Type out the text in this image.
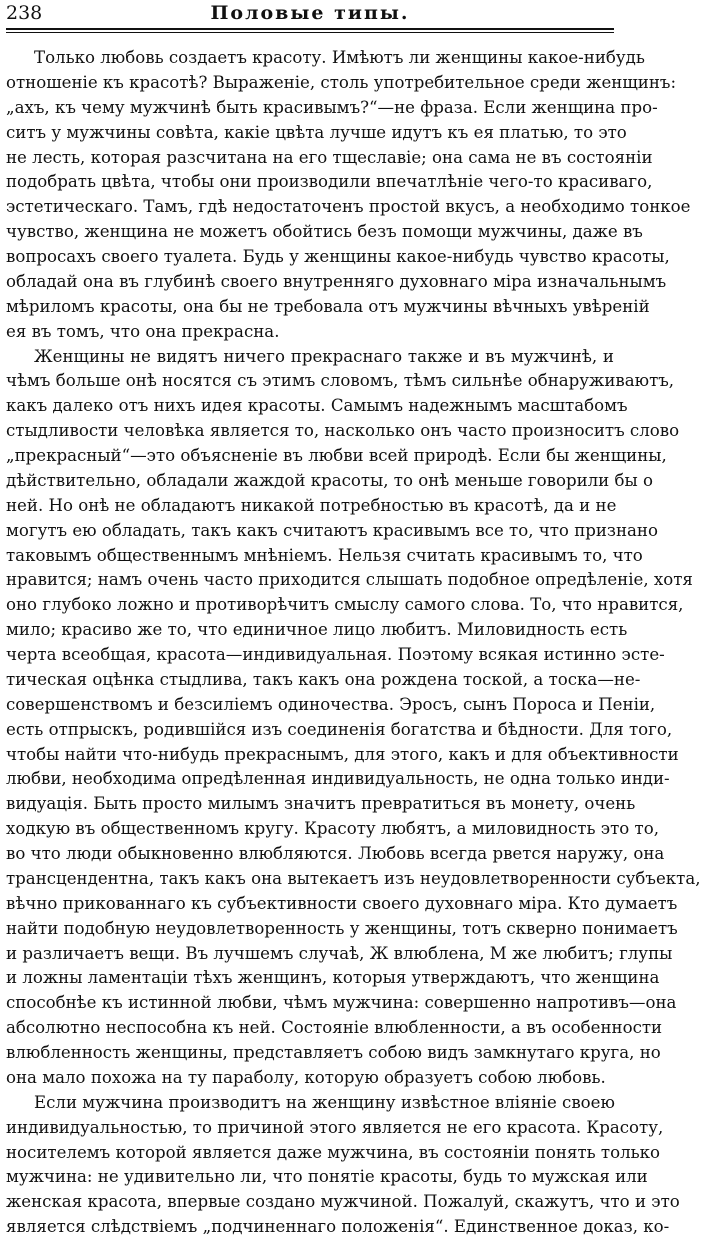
238	Половые типы.
Только любовь создаетъ красоту. Имѣютъ ли женщины какое-нибудь
отношеніе къ красотѣ? Выраженіе, столь употребительное среди женщинъ:
„ахъ, къ чему мужчинѣ быть красивымъ?“—не фраза. Если женщина про-
ситъ у мужчины совѣта, какіе цвѣта лучше идутъ къ ея платью, то это
не лесть, которая разсчитана на его тщеславіе; она сама не въ состояніи
подобрать цвѣта, чтобы они производили впечатлѣніе чего-то красиваго,
эстетическаго. Тамъ, гдѣ недостаточенъ простой вкусъ, а необходимо тонкое
чувство, женщина не можетъ обойтись безъ помощи мужчины, даже въ
вопросахъ своего туалета. Будь у женщины какое-нибудь чувство красоты,
обладай она въ глубинѣ своего внутренняго духовнаго міра изначальнымъ
мѣриломъ красоты, она бы не требовала отъ мужчины вѣчныхъ увѣреній
ея въ томъ, что она прекрасна.
Женщины не видятъ ничего прекраснаго также и въ мужчинѣ, и
чѣмъ больше онѣ носятся съ этимъ словомъ, тѣмъ сильнѣе обнаруживаютъ,
какъ далеко отъ нихъ идея красоты. Самымъ надежнымъ масштабомъ
стыдливости человѣка является то, насколько онъ часто произноситъ слово
„прекрасный“—это объясненіе въ любви всей природѣ. Если бы женщины,
дѣйствительно, обладали жаждой красоты, то онѣ меньше говорили бы о
ней. Но онѣ не обладаютъ никакой потребностью въ красотѣ, да и не
могутъ ею обладать, такъ какъ считаютъ красивымъ все то, что признано
таковымъ общественнымъ мнѣніемъ. Нельзя считать красивымъ то, что
нравится; намъ очень часто приходится слышать подобное опредѣленіе, хотя
оно глубоко ложно и противорѣчитъ смыслу самого слова. То, что нравится,
мило; красиво же то, что единичное лицо любитъ. Миловидность есть
черта всеобщая, красота—индивидуальная. Поэтому всякая истинно эсте-
тическая оцѣнка стыдлива, такъ какъ она рождена тоской, а тоска—не-
совершенствомъ и безсиліемъ одиночества. Эросъ, сынъ Пороса и Пеніи,
есть отпрыскъ, родившійся изъ соединенія богатства и бѣдности. Для того,
чтобы найти что-нибудь прекраснымъ, для этого, какъ и для объективности
любви, необходима опредѣленная индивидуальность, не одна только инди-
видуація. Быть просто милымъ значитъ превратиться въ монету, очень
ходкую въ общественномъ кругу. Красоту любятъ, а миловидность это то,
во что люди обыкновенно влюбляются. Любовь всегда рвется наружу, она
трансцендентна, такъ какъ она вытекаетъ изъ неудовлетворенности субъекта,
вѣчно прикованнаго къ субъективности своего духовнаго міра. Кто думаетъ
найти подобную неудовлетворенность у женщины, тотъ скверно понимаетъ
и различаетъ вещи. Въ лучшемъ случаѣ, Ж влюблена, М же любитъ; глупы
и ложны ламентаціи тѣхъ женщинъ, которыя утверждаютъ, что женщина
способнѣе къ истинной любви, чѣмъ мужчина: совершенно напротивъ—она
абсолютно неспособна къ ней. Состояніе влюбленности, а въ особенности
влюбленность женщины, представляетъ собою видъ замкнутаго круга, но
она мало похожа на ту параболу, которую образуетъ собою любовь.
Если мужчина производитъ на женщину извѣстное вліяніе своею
индивидуальностью, то причиной этого является не его красота. Красоту,
носителемъ которой является даже мужчина, въ состояніи понять только
мужчина: не удивительно ли, что понятіе красоты, будь то мужская или
женская красота, впервые создано мужчиной. Пожалуй, скажутъ, что и это
является слѣдствіемъ „подчиненнаго положенія“. Единственное доказ, ко-
